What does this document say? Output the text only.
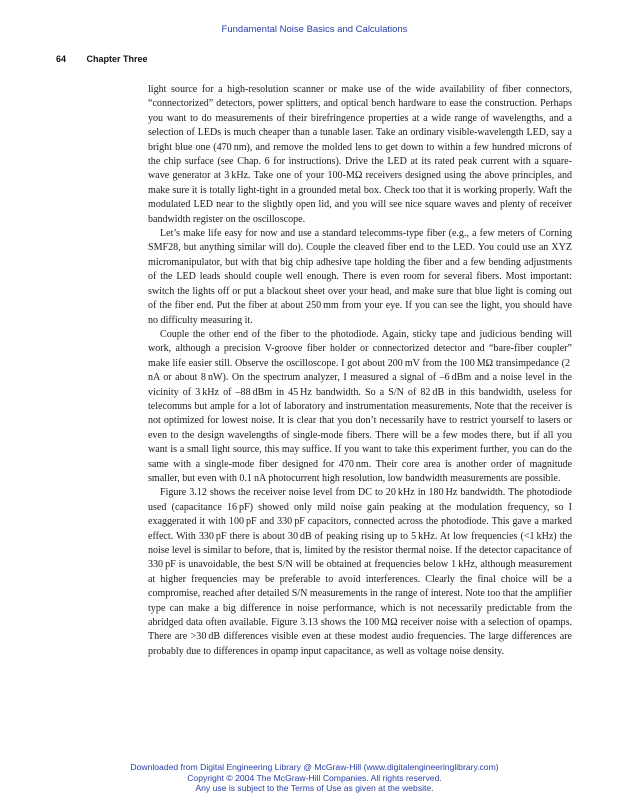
Fundamental Noise Basics and Calculations
64 Chapter Three

light source for a high-resolution scanner or make use of the wide availability of fiber connectors, “connectorized” detectors, power splitters, and optical bench hardware to ease the construction. Perhaps you want to do measurements of their birefringence properties at a wide range of wavelengths, and a selection of LEDs is much cheaper than a tunable laser. Take an ordinary visible-wavelength LED, say a bright blue one (470 nm), and remove the molded lens to get down to within a few hundred microns of the chip surface (see Chap. 6 for instructions). Drive the LED at its rated peak current with a square-wave generator at 3 kHz. Take one of your 100-MΩ receivers designed using the above principles, and make sure it is totally light-tight in a grounded metal box. Check too that it is working properly. Waft the modulated LED near to the slightly open lid, and you will see nice square waves and plenty of receiver bandwidth register on the oscilloscope.

Let’s make life easy for now and use a standard telecomms-type fiber (e.g., a few meters of Corning SMF28, but anything similar will do). Couple the cleaved fiber end to the LED. You could use an XYZ micromanipulator, but with that big chip adhesive tape holding the fiber and a few bending adjustments of the LED leads should couple well enough. There is even room for several fibers. Most important: switch the lights off or put a blackout sheet over your head, and make sure that blue light is coming out of the fiber end. Put the fiber at about 250 mm from your eye. If you can see the light, you should have no difficulty measuring it.

Couple the other end of the fiber to the photodiode. Again, sticky tape and judicious bending will work, although a precision V-groove fiber holder or connectorized detector and “bare-fiber coupler” make life easier still. Observe the oscilloscope. I got about 200 mV from the 100 MΩ transimpedance (2 nA or about 8 nW). On the spectrum analyzer, I measured a signal of –6 dBm and a noise level in the vicinity of 3 kHz of –88 dBm in 45 Hz bandwidth. So a S/N of 82 dB in this bandwidth, useless for telecomms but ample for a lot of laboratory and instrumentation measurements. Note that the receiver is not optimized for lowest noise. It is clear that you don’t necessarily have to restrict yourself to lasers or even to the design wavelengths of single-mode fibers. There will be a few modes there, but if all you want is a small light source, this may suffice. If you want to take this experiment further, you can do the same with a single-mode fiber designed for 470 nm. Their core area is another order of magnitude smaller, but even with 0.1 nA photocurrent high resolution, low bandwidth measurements are possible.

Figure 3.12 shows the receiver noise level from DC to 20 kHz in 180 Hz bandwidth. The photodiode used (capacitance 16 pF) showed only mild noise gain peaking at the modulation frequency, so I exaggerated it with 100 pF and 330 pF capacitors, connected across the photodiode. This gave a marked effect. With 330 pF there is about 30 dB of peaking rising up to 5 kHz. At low frequencies (<1 kHz) the noise level is similar to before, that is, limited by the resistor thermal noise. If the detector capacitance of 330 pF is unavoidable, the best S/N will be obtained at frequencies below 1 kHz, although measurement at higher frequencies may be preferable to avoid interferences. Clearly the final choice will be a compromise, reached after detailed S/N measurements in the range of interest. Note too that the amplifier type can make a big difference in noise performance, which is not necessarily predictable from the abridged data often available. Figure 3.13 shows the 100 MΩ receiver noise with a selection of opamps. There are >30 dB differences visible even at these modest audio frequencies. The large differences are probably due to differences in opamp input capacitance, as well as voltage noise density.

Downloaded from Digital Engineering Library @ McGraw-Hill (www.digitalengineeringlibrary.com)
Copyright © 2004 The McGraw-Hill Companies. All rights reserved.
Any use is subject to the Terms of Use as given at the website.
